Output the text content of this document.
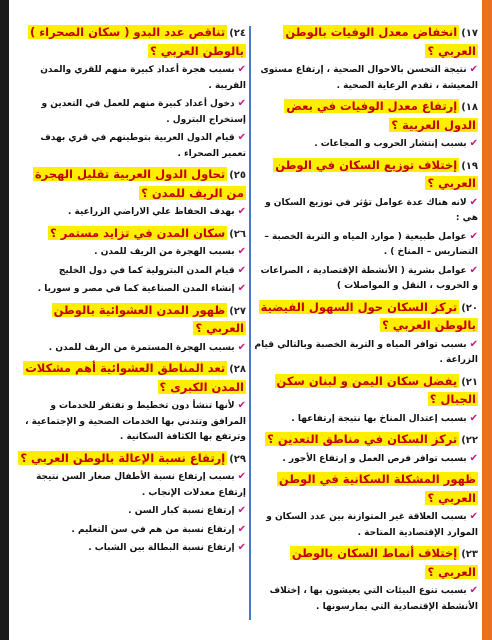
١٧)انخفاض معدل الوفيات بالوطن العربي ؟
✔نتيجة التحسن بالاحوال الصحية ، إرتفاع مستوى المعيشة ، تقدم الرعاية الصحية .
١٨)إرتفاع معدل الوفيات في بعض الدول العربية ؟
✔بسبب إنتشار الحروب و المجاعات .
١٩)إختلاف توزيع السكان في الوطن العربي ؟
✔لانه هناك عدة عوامل تؤثر في توزيع السكان و هي :
✔عوامل طبيعية ( موارد المياه و التربة الخصبة – التضاريس – المناخ ) .
✔عوامل بشرية ( الأنشطة الإقتصادية ، الصراعات و الحروب ، النقل و المواصلات )
٢٠)تركز السكان حول السهول الفيضية بالوطن العربي ؟
✔بسبب توافر المياه و التربة الخصبة وبالتالي قيام الزراعة .
٢١)يفضل سكان اليمن و لبنان سكن الجبال ؟
✔بسبب إعتدال المناخ بها نتيجة إرتفاعها .
٢٢)تركز السكان في مناطق التعدين ؟
✔بسبب توافر فرص العمل و إرتفاع الأجور .
ظهور المشكلة السكانية في الوطن العربي ؟
✔بسبب العلاقة غير المتوازنة بين عدد السكان و الموارد الإقتصادية المتاحة .
٢٣)إختلاف أنماط السكان بالوطن العربي ؟
✔بسبب تنوع البيئات التي يعيشون بها ، إختلاف الأنشطة الإقتصادية التي يمارسونها .
٢٤)تناقص عدد البدو ( سكان الصحراء ) بالوطن العربي ؟
✔بسبب هجرة أعداد كبيرة منهم للقري والمدن القريبة .
✔دخول أعداد كبيرة منهم للعمل في التعدين و إستخراج البترول .
✔قيام الدول العربية بتوطينهم في قري بهدف تعمير الصحراء .
٢٥)تحاول الدول العربية تقليل الهجرة من الريف للمدن ؟
✔بهدف الحفاظ علي الاراضي الزراعية .
٢٦)سكان المدن في تزايد مستمر ؟
✔بسبب الهجرة من الريف للمدن .
✔قيام المدن البترولية كما في دول الخليج
✔إنشاء المدن الصناعية كما في مصر و سوريا .
٢٧)ظهور المدن العشوائية بالوطن العربي ؟
✔بسبب الهجرة المستمرة من الريف للمدن .
٢٨)تعد المناطق العشوائية أهم مشكلات المدن الكبرى ؟
✔لأنها تنشأ دون تخطيط و تفتقر للخدمات و المرافق وتتدني بها الخدمات الصحية و الإجتماعية ، وترتفع بها الكثافة السكانية .
٢٩)إرتفاع نسبة الإعالة بالوطن العربي ؟
✔بسبب إرتفاع نسبة الأطفال صغار السن نتيجة إرتفاع معدلات الإنجاب .
✔إرتفاع نسبة كبار السن .
✔إرتفاع نسبة من هم في سن التعليم .
✔إرتفاع نسبة البطالة بين الشباب .
